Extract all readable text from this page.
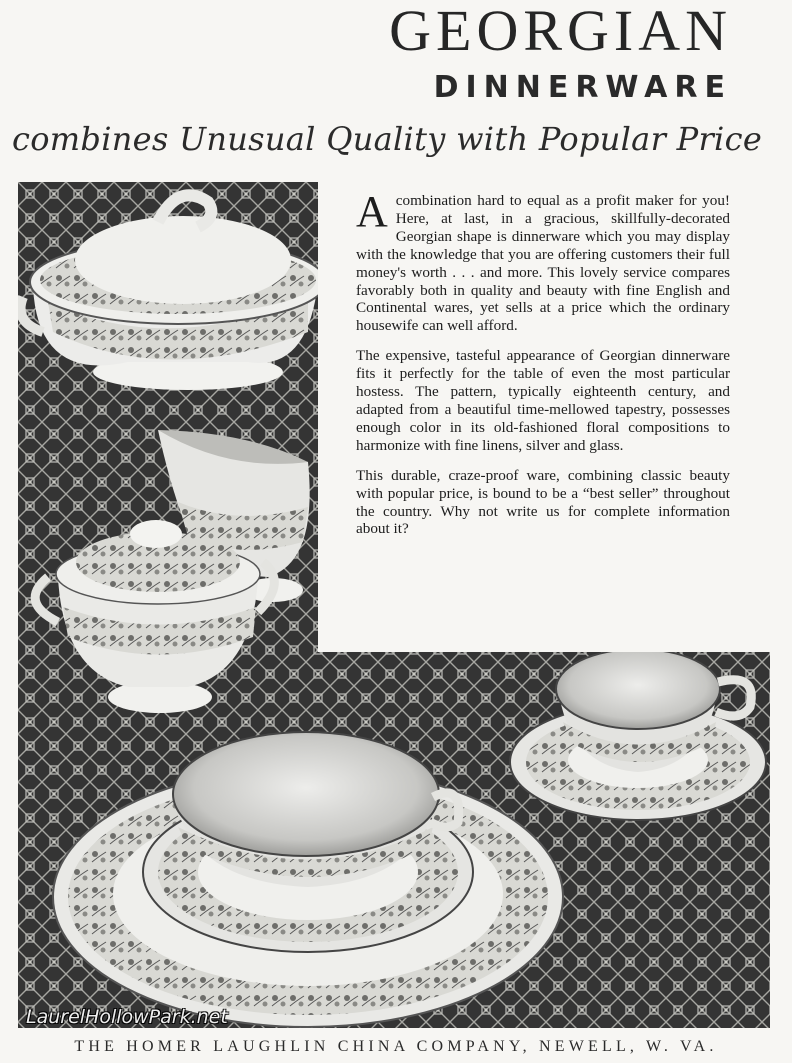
GEORGIAN
DINNERWARE
combines Unusual Quality with Popular Price

Acombination hard to equal as a profit maker for you! Here, at last, in a gracious, skillfully-decorated Georgian shape is dinnerware which you may display with the knowledge that you are offering customers their full money's worth . . . and more. This lovely service compares favorably both in quality and beauty with fine English and Continental wares, yet sells at a price which the ordinary housewife can well afford.

The expensive, tasteful appearance of Georgian dinnerware fits it perfectly for the table of even the most particular hostess. The pattern, typically eighteenth century, and adapted from a beautiful time-mellowed tapestry, possesses enough color in its old-fashioned floral compositions to harmonize with fine linens, silver and glass.

This durable, craze-proof ware, combining classic beauty with popular price, is bound to be a “best seller” throughout the country. Why not write us for complete information about it?

LaurelHollowPark.net
THE HOMER LAUGHLIN CHINA COMPANY, NEWELL, W. VA.
